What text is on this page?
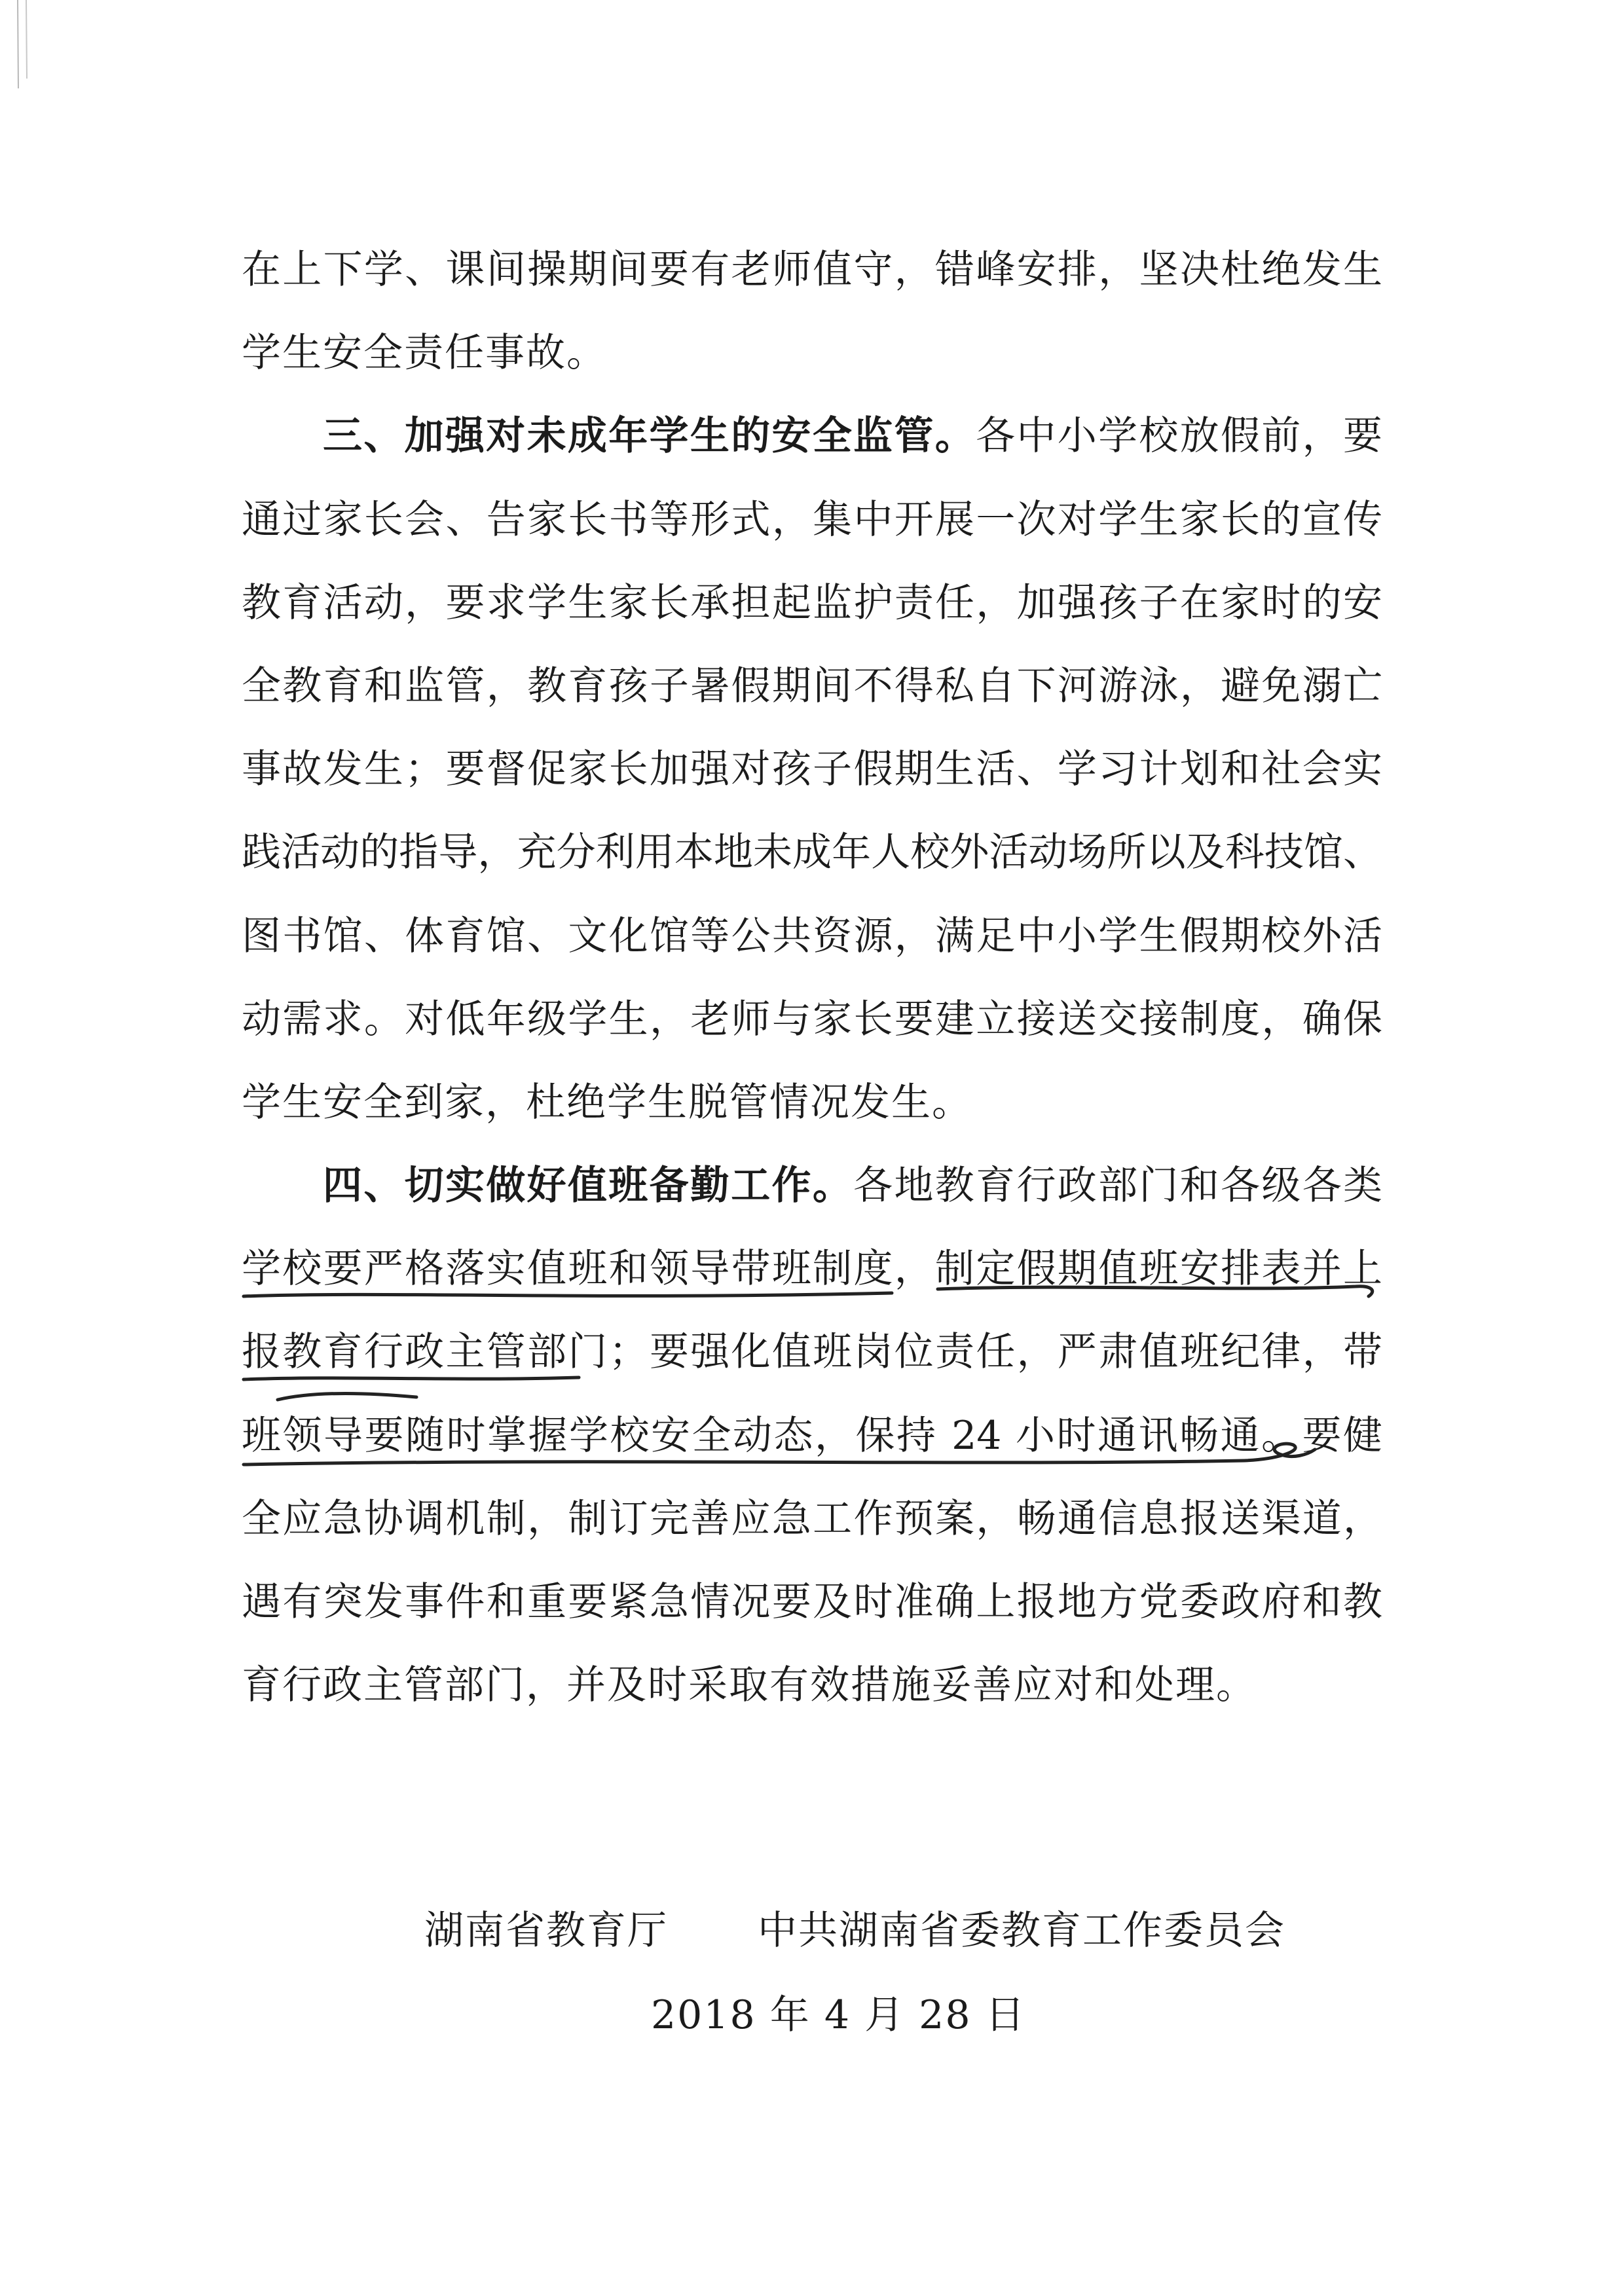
在上下学、课间操期间要有老师值守，错峰安排，坚决杜绝发生
学生安全责任事故。
三、加强对未成年学生的安全监管。各中小学校放假前，要
通过家长会、告家长书等形式，集中开展一次对学生家长的宣传
教育活动，要求学生家长承担起监护责任，加强孩子在家时的安
全教育和监管，教育孩子暑假期间不得私自下河游泳，避免溺亡
事故发生；要督促家长加强对孩子假期生活、学习计划和社会实
践活动的指导，充分利用本地未成年人校外活动场所以及科技馆、
图书馆、体育馆、文化馆等公共资源，满足中小学生假期校外活
动需求。对低年级学生，老师与家长要建立接送交接制度，确保
学生安全到家，杜绝学生脱管情况发生。
四、切实做好值班备勤工作。各地教育行政部门和各级各类
学校要严格落实值班和领导带班制度，制定假期值班安排表并上
报教育行政主管部门；要强化值班岗位责任，严肃值班纪律，带
班领导要随时掌握学校安全动态，保持 24 小时通讯畅通。要健
全应急协调机制，制订完善应急工作预案，畅通信息报送渠道，
遇有突发事件和重要紧急情况要及时准确上报地方党委政府和教
育行政主管部门，并及时采取有效措施妥善应对和处理。
湖南省教育厅 中共湖南省委教育工作委员会
2018 年 4 月 28 日
